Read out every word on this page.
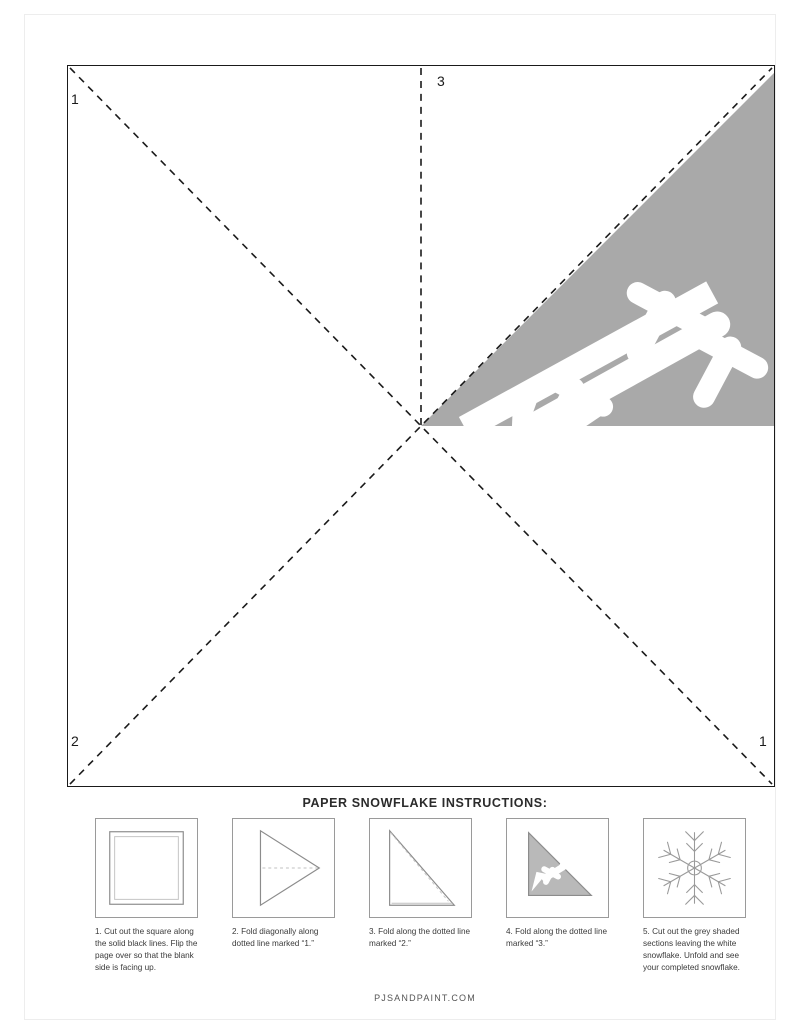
1
3
2	1
PAPER SNOWFLAKE INSTRUCTIONS:
1. Cut out the square along the solid black lines. Flip the page over so that the blank side is facing up.
2. Fold diagonally along dotted line marked “1.”
3. Fold along the dotted line marked “2.”
4. Fold along the dotted line marked “3.”
5. Cut out the grey shaded sections leaving the white snowflake. Unfold and see your completed snowflake.
PJSANDPAINT.COM
